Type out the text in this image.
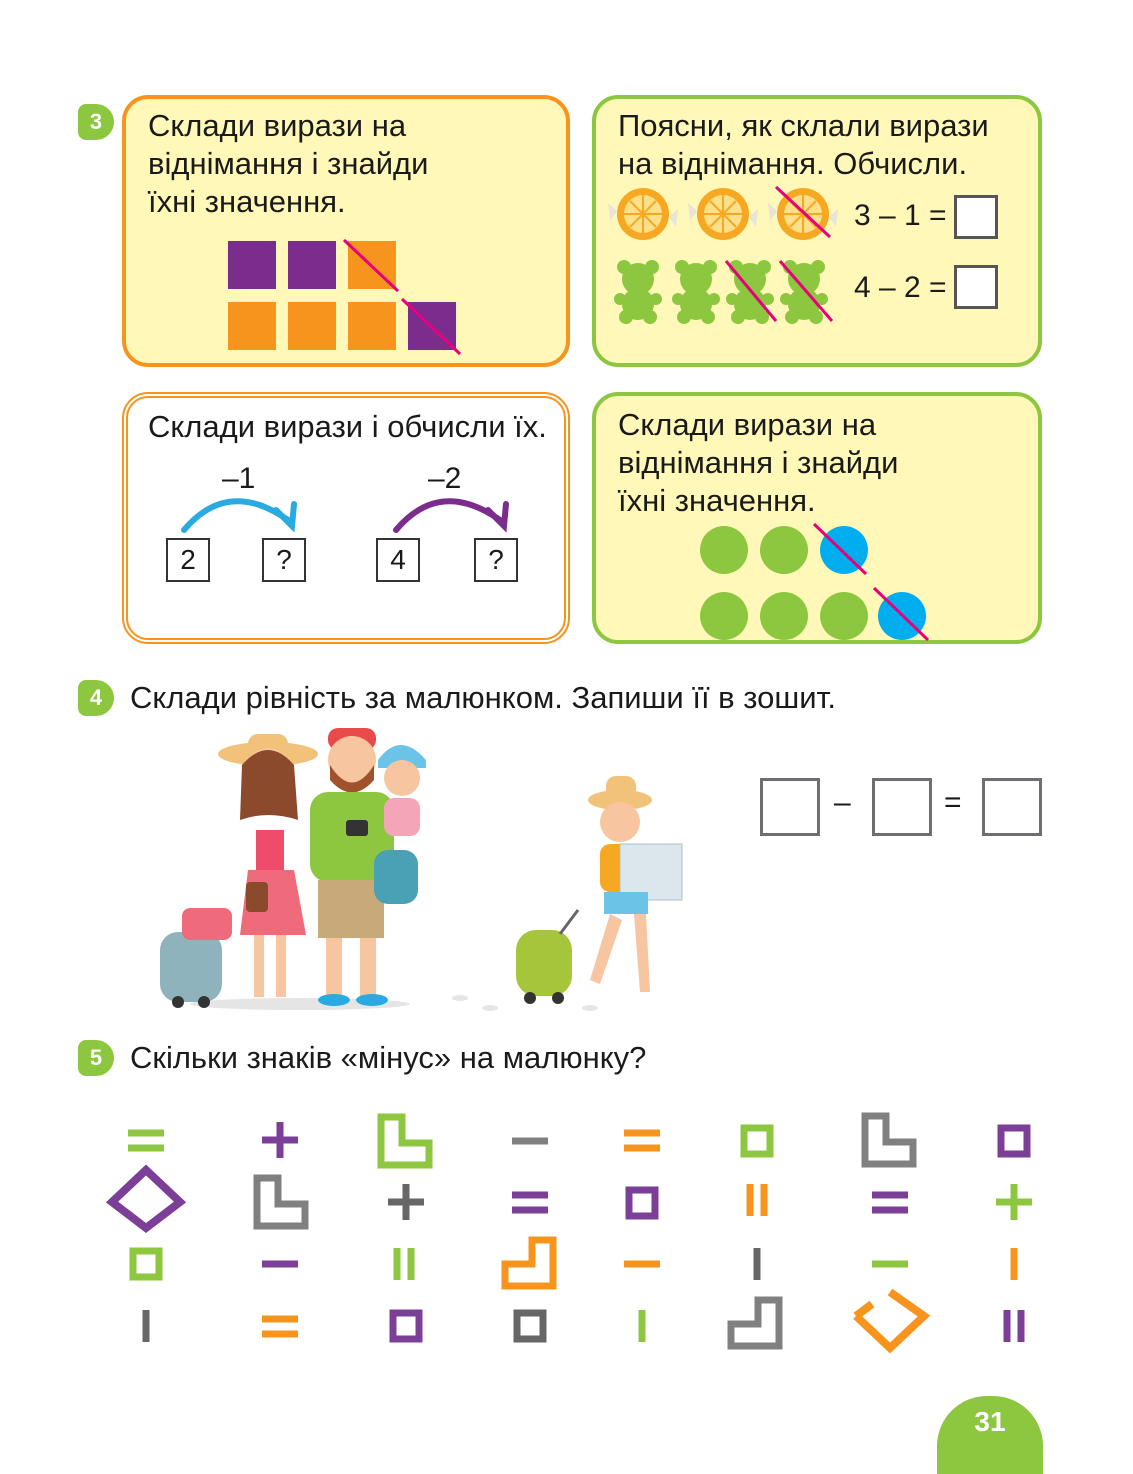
3	Склади вирази на
віднімання і знайди
їхні значення.
Поясни, як склали вирази
на віднімання. Обчисли.
3 – 1 =
4 – 2 =
Склади вирази і обчисли їх.
–1	–2
2	?	4	?
Склади вирази на
віднімання і знайди
їхні значення.
4 Склади рівність за малюнком. Запиши її в зошит.
–	=
5 Скільки знаків «мінус» на малюнку?
31
